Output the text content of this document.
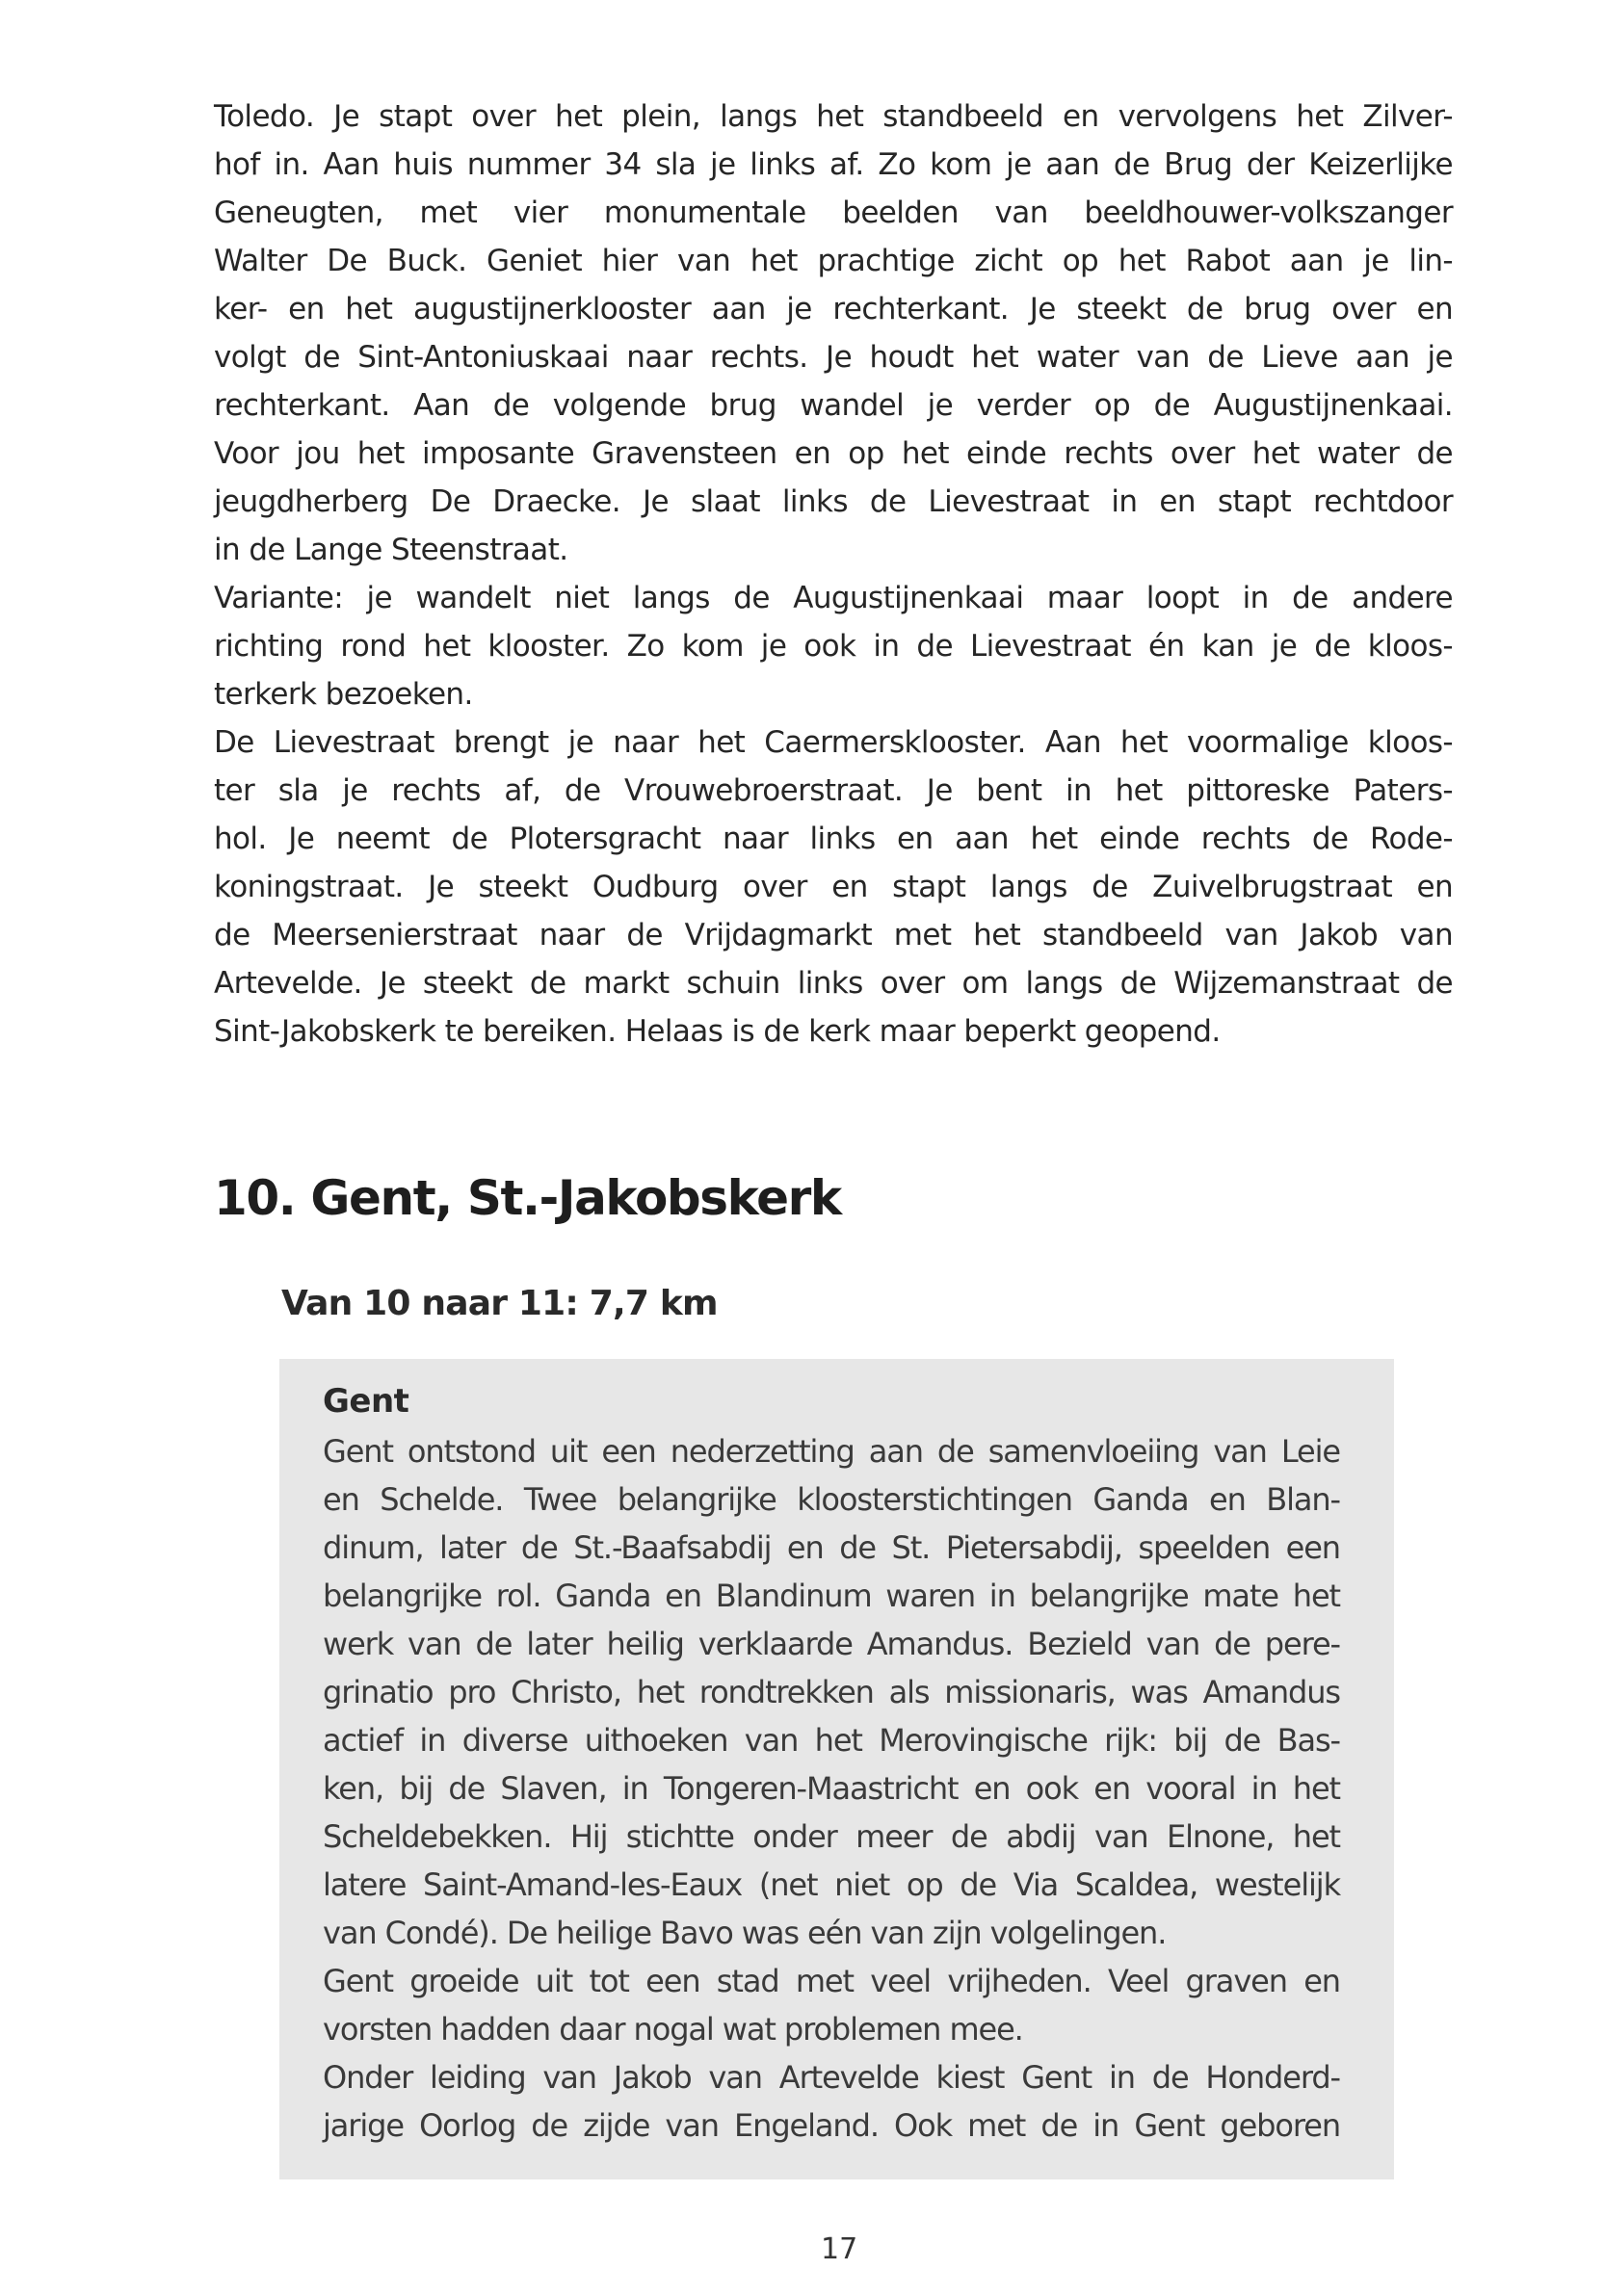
Toledo. Je stapt over het plein, langs het standbeeld en vervolgens het Zilver-
hof in. Aan huis nummer 34 sla je links af. Zo kom je aan de Brug der Keizerlijke
Geneugten, met vier monumentale beelden van beeldhouwer-volkszanger
Walter De Buck. Geniet hier van het prachtige zicht op het Rabot aan je lin-
ker- en het augustijnerklooster aan je rechterkant. Je steekt de brug over en
volgt de Sint-Antoniuskaai naar rechts. Je houdt het water van de Lieve aan je
rechterkant. Aan de volgende brug wandel je verder op de Augustijnenkaai.
Voor jou het imposante Gravensteen en op het einde rechts over het water de
jeugdherberg De Draecke. Je slaat links de Lievestraat in en stapt rechtdoor
in de Lange Steenstraat.
Variante: je wandelt niet langs de Augustijnenkaai maar loopt in de andere
richting rond het klooster. Zo kom je ook in de Lievestraat én kan je de kloos-
terkerk bezoeken.
De Lievestraat brengt je naar het Caermersklooster. Aan het voormalige kloos-
ter sla je rechts af, de Vrouwebroerstraat. Je bent in het pittoreske Paters-
hol. Je neemt de Plotersgracht naar links en aan het einde rechts de Rode-
koningstraat. Je steekt Oudburg over en stapt langs de Zuivelbrugstraat en
de Meersenierstraat naar de Vrijdagmarkt met het standbeeld van Jakob van
Artevelde. Je steekt de markt schuin links over om langs de Wijzemanstraat de
Sint-Jakobskerk te bereiken. Helaas is de kerk maar beperkt geopend.
10. Gent, St.-Jakobskerk
Van 10 naar 11: 7,7 km
Gent
Gent ontstond uit een nederzetting aan de samenvloeiing van Leie
en Schelde. Twee belangrijke kloosterstichtingen Ganda en Blan-
dinum, later de St.-Baafsabdij en de St. Pietersabdij, speelden een
belangrijke rol. Ganda en Blandinum waren in belangrijke mate het
werk van de later heilig verklaarde Amandus. Bezield van de pere-
grinatio pro Christo, het rondtrekken als missionaris, was Amandus
actief in diverse uithoeken van het Merovingische rijk: bij de Bas-
ken, bij de Slaven, in Tongeren-Maastricht en ook en vooral in het
Scheldebekken. Hij stichtte onder meer de abdij van Elnone, het
latere Saint-Amand-les-Eaux (net niet op de Via Scaldea, westelijk
van Condé). De heilige Bavo was eén van zijn volgelingen.
Gent groeide uit tot een stad met veel vrijheden. Veel graven en
vorsten hadden daar nogal wat problemen mee.
Onder leiding van Jakob van Artevelde kiest Gent in de Honderd-
jarige Oorlog de zijde van Engeland. Ook met de in Gent geboren
17
